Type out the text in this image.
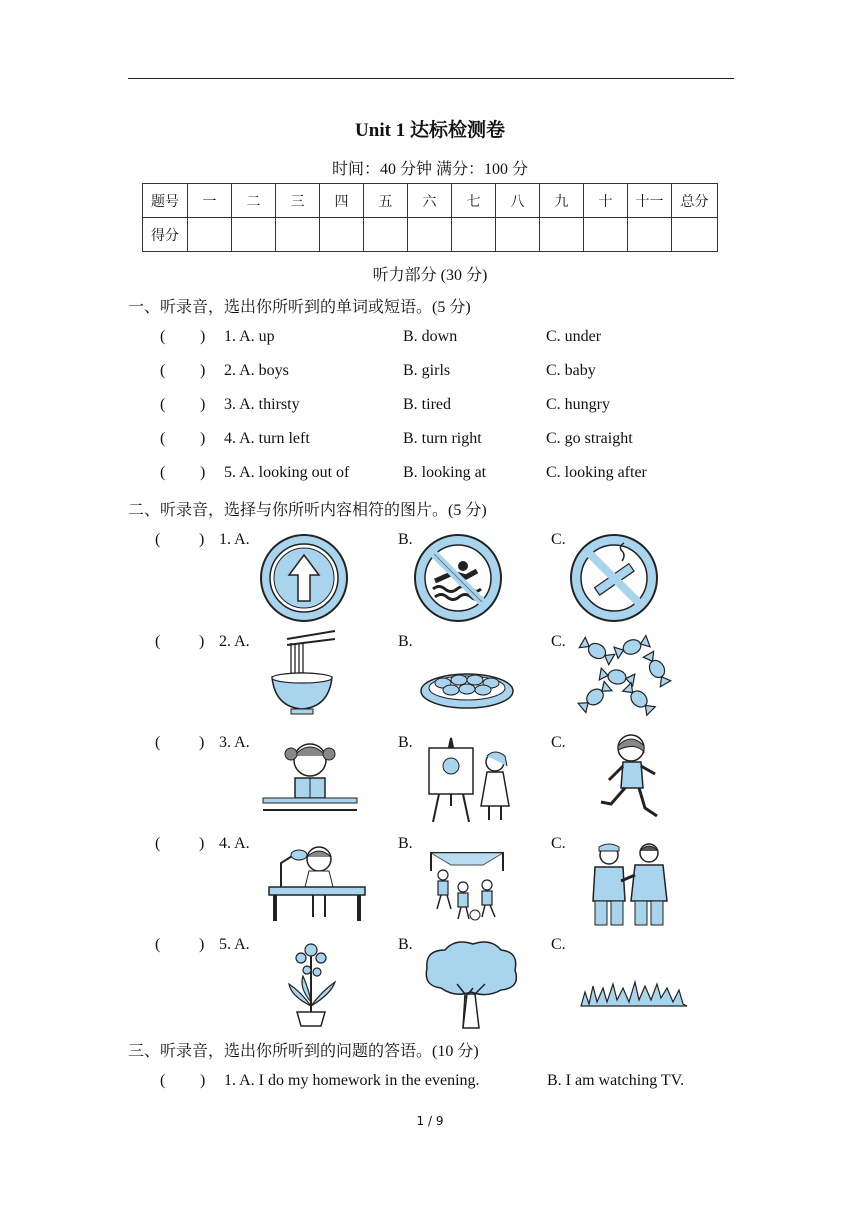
Unit 1 达标检测卷
时间：40 分钟 满分：100 分
题号	一	二	三	四	五	六	七	八	九	十	十一	总分
得分												
听力部分 (30 分)
一、听录音，选出你所听到的单词或短语。(5 分)
( ) 1. A. up	B. down	C. under
( ) 2. A. boys	B. girls	C. baby
( ) 3. A. thirsty	B. tired	C. hungry
( ) 4. A. turn left	B. turn right	C. go straight
( ) 5. A. looking out of	B. looking at	C. looking after
二、听录音，选择与你所听内容相符的图片。(5 分)
( ) 1. A.	B.	C.
( ) 2. A.	B.	C.
( ) 3. A.	B.	C.
( ) 4. A.	B.	C.
( ) 5. A.	B.	C.
三、听录音，选出你所听到的问题的答语。(10 分)
( ) 1. A. I do my homework in the evening.	B. I am watching TV.
1 / 9
